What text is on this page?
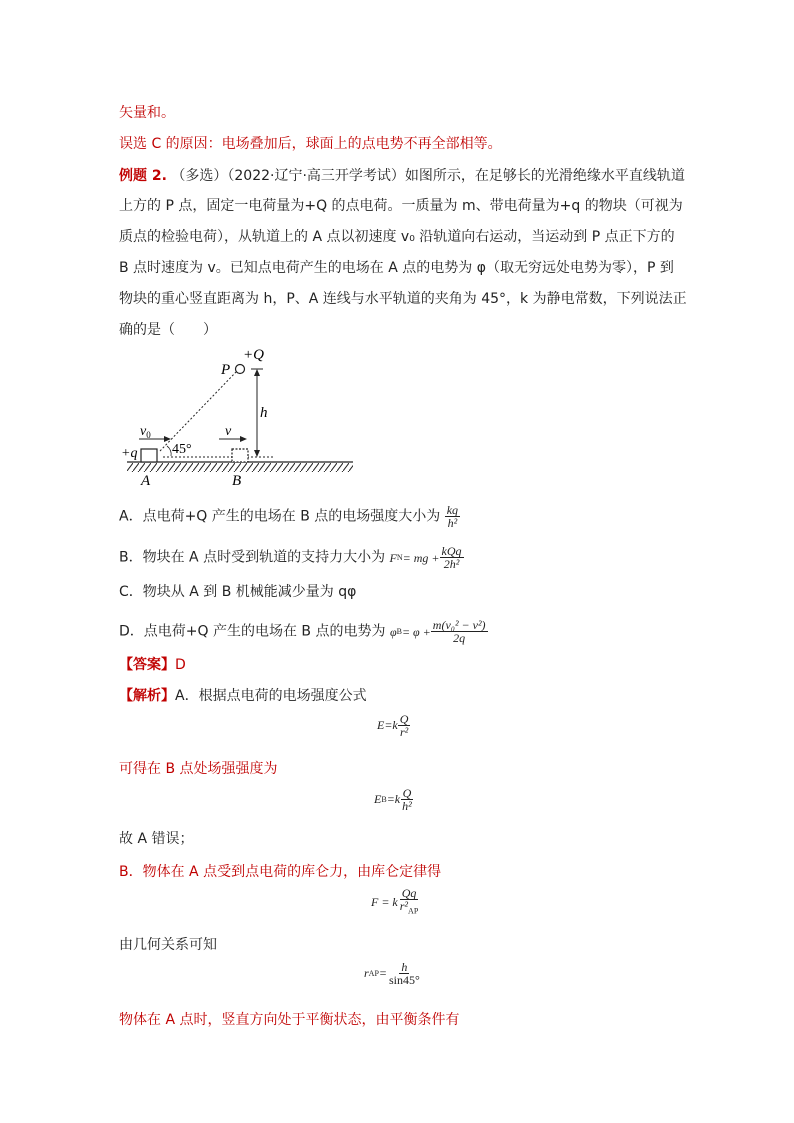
矢量和。
误选 C 的原因：电场叠加后，球面上的点电势不再全部相等。
例题 2. （多选）（2022·辽宁·高三开学考试）如图所示，在足够长的光滑绝缘水平直线轨道
上方的 P 点，固定一电荷量为+Q 的点电荷。一质量为 m、带电荷量为+q 的物块（可视为
质点的检验电荷），从轨道上的 A 点以初速度 v₀ 沿轨道向右运动，当运动到 P 点正下方的
B 点时速度为 v。已知点电荷产生的电场在 A 点的电势为 φ（取无穷远处电势为零），P 到
物块的重心竖直距离为 h，P、A 连线与水平轨道的夹角为 45°，k 为静电常数，下列说法正
确的是（　　）
P
+Q
h
$v_0$
+q 45°
v
A	B
A．点电荷+Q 产生的电场在 B 点的电场强度大小为 $\frac{kq}{\text{h²}}$
B．物块在 A 点时受到轨道的支持力大小为 F N = mg + $\frac{\text{kQq}}{\text{2h²}}$
C．物块从 A 到 B 机械能减少量为 qφ
D．点电荷+Q 产生的电场在 B 点的电势为 φ $B = \varphi + \frac{\text{m(v₀² − v²)}}{2q}$
【答案】D
【解析】A．根据点电荷的电场强度公式
$E=k \frac{Q}{\text{r²}}$
可得在 B 点处场强强度为
E $B =k \frac{Q}{\text{h²}}$
故 A 错误；
B．物体在 A 点受到点电荷的库仑力，由库仑定律得
F = k $\frac{Qq}{r^2_{AP}}$
由几何关系可知
r AP = $\frac{h}{\sin 45^\circ}$
物体在 A 点时，竖直方向处于平衡状态，由平衡条件有
